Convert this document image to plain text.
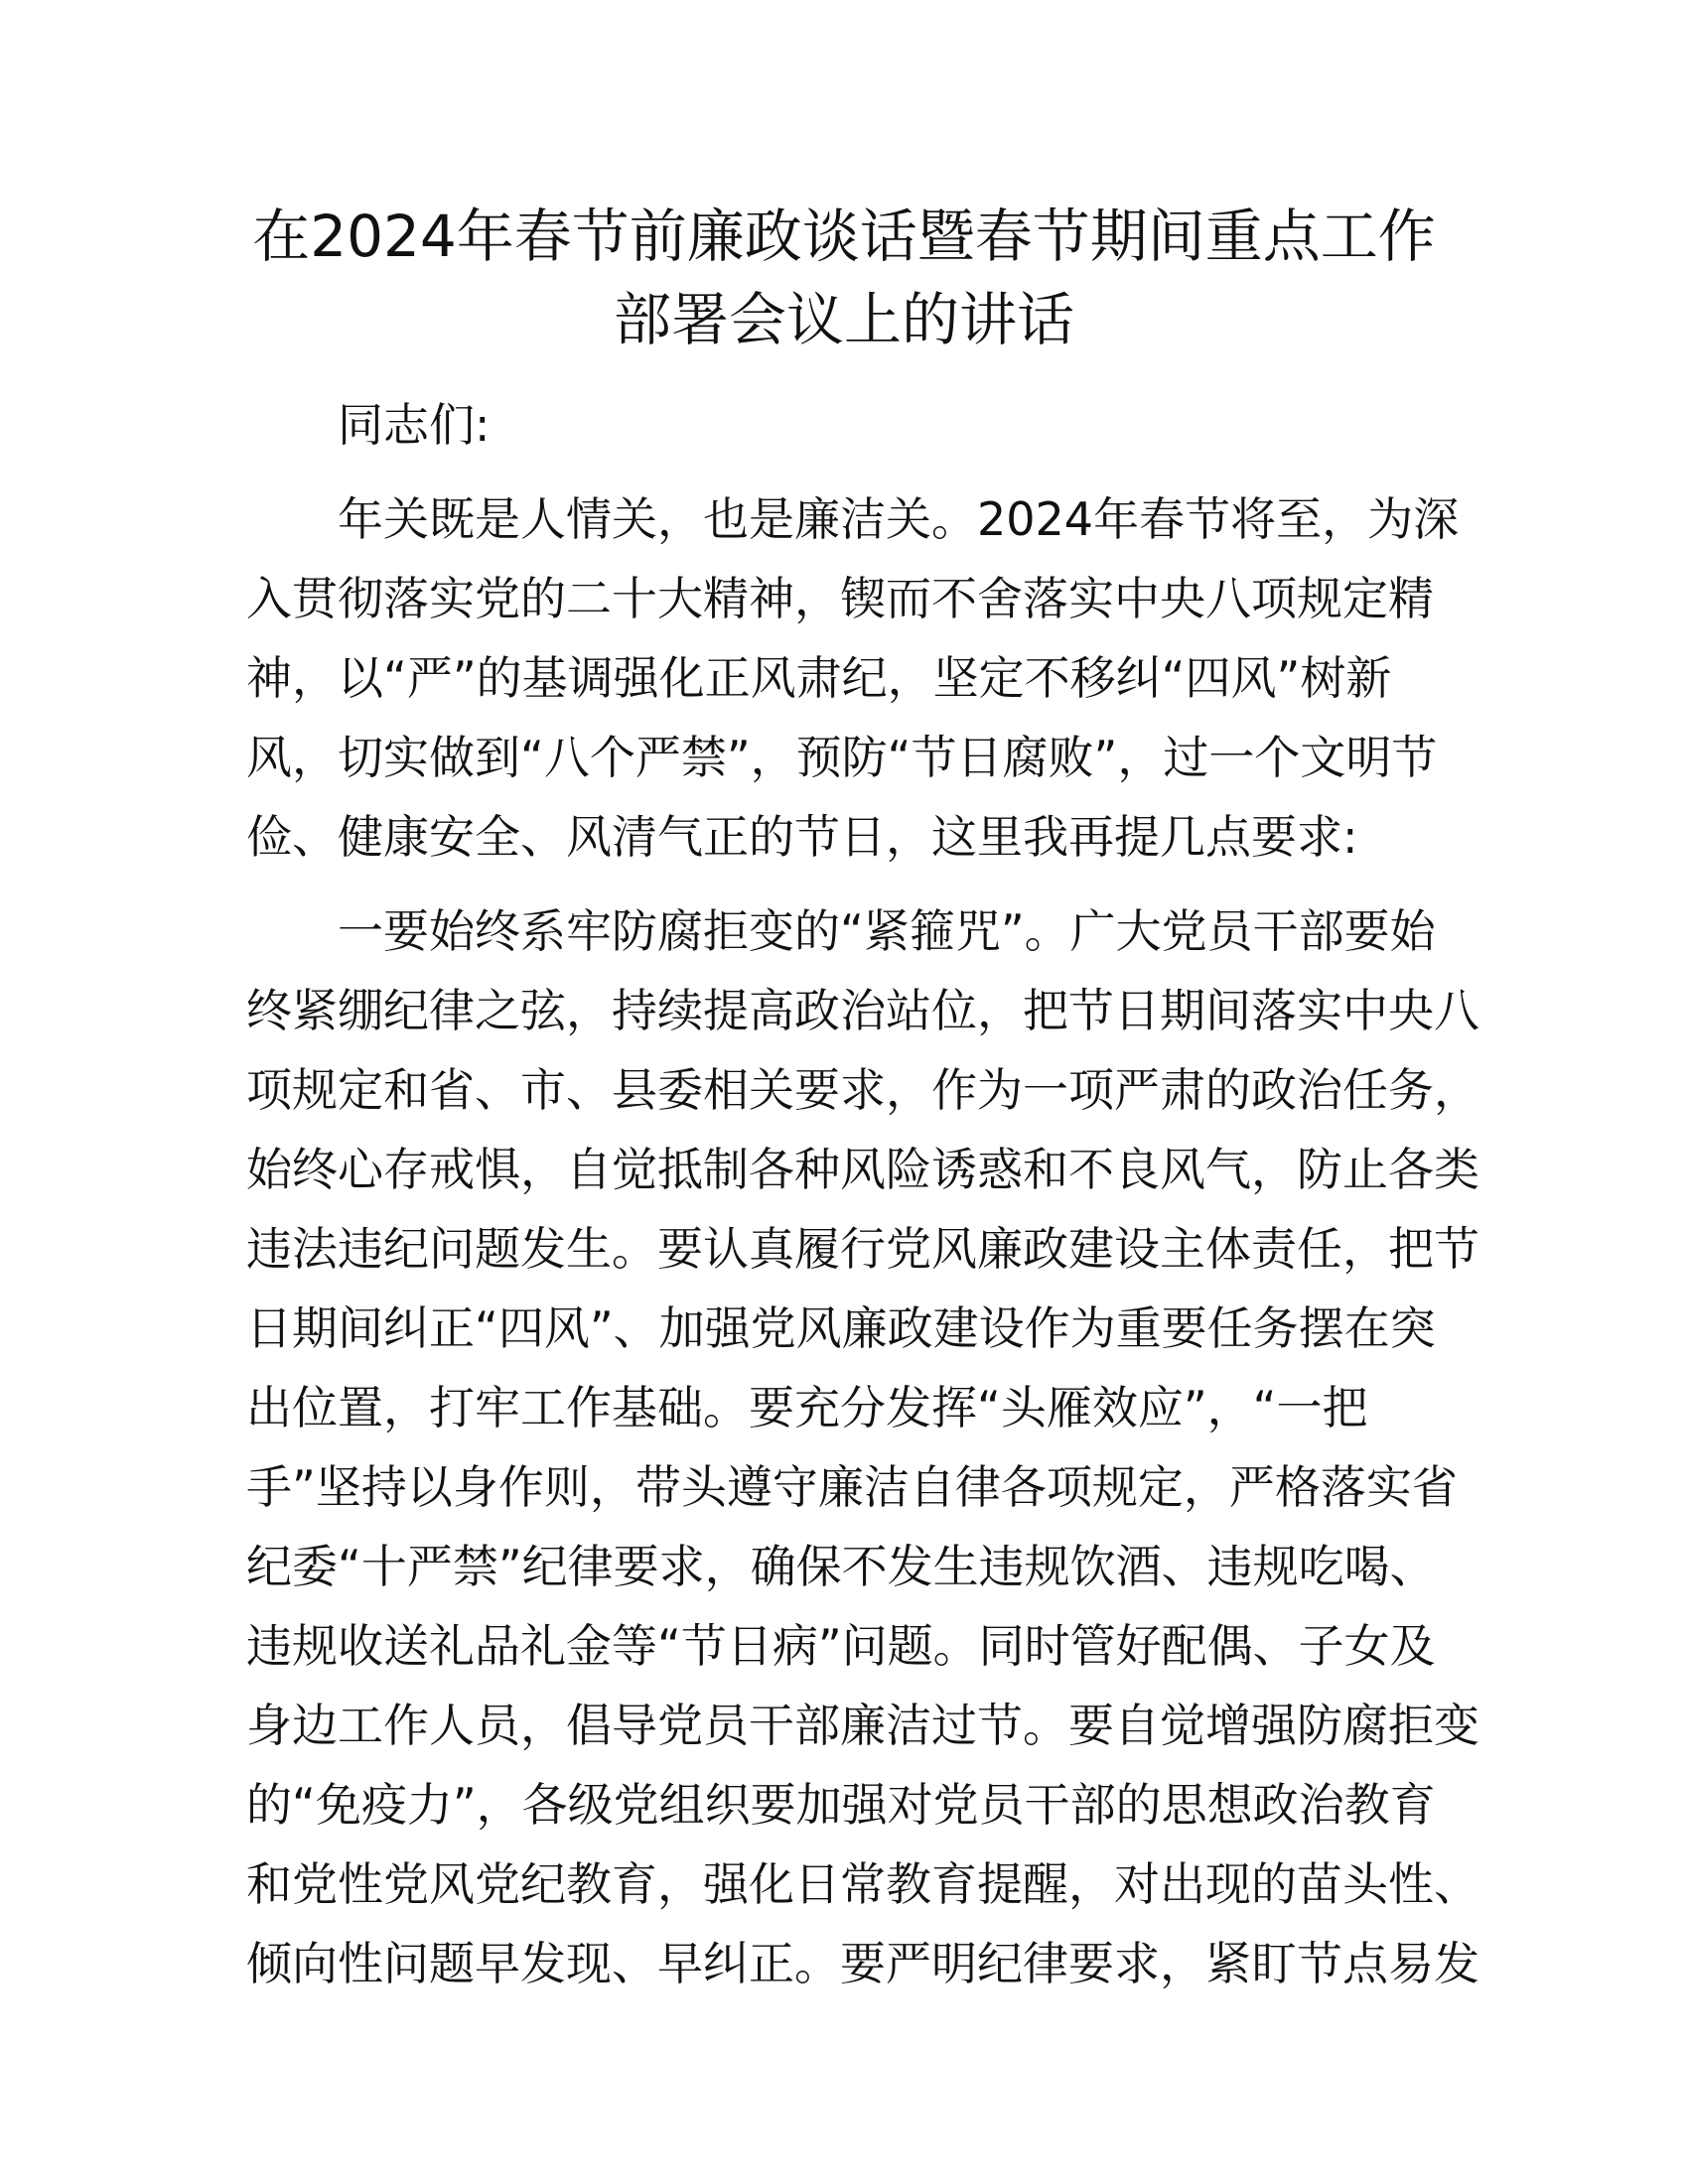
在2024年春节前廉政谈话暨春节期间重点工作
部署会议上的讲话

同志们:

年关既是人情关，也是廉洁关。2024年春节将至，为深
入贯彻落实党的二十大精神，锲而不舍落实中央八项规定精
神，以“严”的基调强化正风肃纪，坚定不移纠“四风”树新
风，切实做到“八个严禁”，预防“节日腐败”，过一个文明节
俭、健康安全、风清气正的节日，这里我再提几点要求:

一要始终系牢防腐拒变的“紧箍咒”。广大党员干部要始
终紧绷纪律之弦，持续提高政治站位，把节日期间落实中央八
项规定和省、市、县委相关要求，作为一项严肃的政治任务，
始终心存戒惧，自觉抵制各种风险诱惑和不良风气，防止各类
违法违纪问题发生。要认真履行党风廉政建设主体责任，把节
日期间纠正“四风”、加强党风廉政建设作为重要任务摆在突
出位置，打牢工作基础。要充分发挥“头雁效应”，“一把
手”坚持以身作则，带头遵守廉洁自律各项规定，严格落实省
纪委“十严禁”纪律要求，确保不发生违规饮酒、违规吃喝、
违规收送礼品礼金等“节日病”问题。同时管好配偶、子女及
身边工作人员，倡导党员干部廉洁过节。要自觉增强防腐拒变
的“免疫力”，各级党组织要加强对党员干部的思想政治教育
和党性党风党纪教育，强化日常教育提醒，对出现的苗头性、
倾向性问题早发现、早纠正。要严明纪律要求，紧盯节点易发
